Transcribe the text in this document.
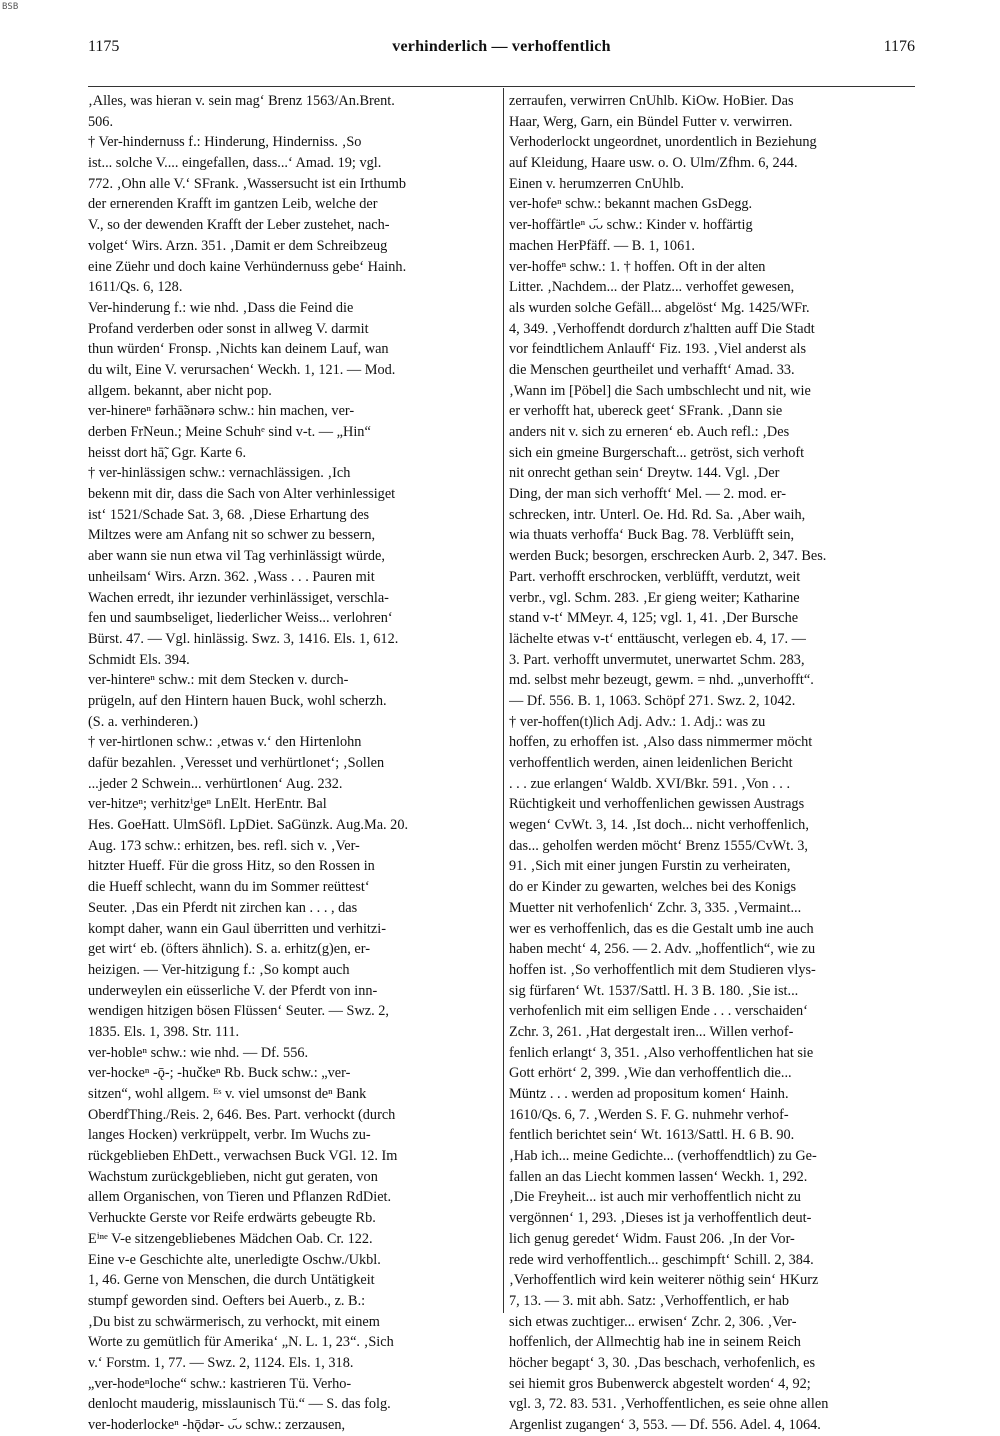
BSB
1175	verhinderlich — verhoffentlich	1176
‚Alles, was hieran v. sein mag‘ Brenz 1563/An.Brent.
506.
† Ver-hindernuss f.: Hinderung, Hinderniss. ‚So
ist... solche V.... eingefallen, dass...‘ Amad. 19; vgl.
772. ‚Ohn alle V.‘ SFrank. ‚Wassersucht ist ein Irthumb
der ernerenden Krafft im gantzen Leib, welche der
V., so der dewenden Krafft der Leber zustehet, nach-
volget‘ Wirs. Arzn. 351. ‚Damit er dem Schreibzeug
eine Züehr und doch kaine Verhündernuss gebe‘ Hainh.
1611/Qs. 6, 128.
Ver-hinderung f.: wie nhd. ‚Dass die Feind die
Profand verderben oder sonst in allweg V. darmit
thun würden‘ Fronsp. ‚Nichts kan deinem Lauf, wan
du wilt, Eine V. verursachen‘ Weckh. 1, 121. — Mod.
allgem. bekannt, aber nicht pop.
ver-hinereⁿ fərhā̃ənərə schw.: hin machen, ver-
derben FrNeun.; Meine Schuhᵉ sind v-t. — „Hin“
heisst dort hā̃, Ggr. Karte 6.
† ver-hinlässigen schw.: vernachlässigen. ‚Ich
bekenn mit dir, dass die Sach von Alter verhinlessiget
ist‘ 1521/Schade Sat. 3, 68. ‚Diese Erhartung des
Miltzes were am Anfang nit so schwer zu bessern,
aber wann sie nun etwa vil Tag verhinlässigt würde,
unheilsam‘ Wirs. Arzn. 362. ‚Wass . . . Pauren mit
Wachen erredt, ihr iezunder verhinlässiget, verschla-
fen und saumbseliget, liederlicher Weiss... verlohren‘
Bürst. 47. — Vgl. hinlässig. Swz. 3, 1416. Els. 1, 612.
Schmidt Els. 394.
ver-hintereⁿ schw.: mit dem Stecken v. durch-
prügeln, auf den Hintern hauen Buck, wohl scherzh.
(S. a. verhinderen.)
† ver-hirtlonen schw.: ‚etwas v.‘ den Hirtenlohn
dafür bezahlen. ‚Veresset und verhürtlonet‘; ‚Sollen
...jeder 2 Schwein... verhürtlonen‘ Aug. 232.
ver-hitzeⁿ; verhitzⁱgeⁿ LnElt. HerEntr. Bal
Hes. GoeHatt. UlmSöfl. LpDiet. SaGünzk. Aug.Ma. 20.
Aug. 173 schw.: erhitzen, bes. refl. sich v. ‚Ver-
hitzter Hueff. Für die gross Hitz, so den Rossen in
die Hueff schlecht, wann du im Sommer reüttest‘
Seuter. ‚Das ein Pferdt nit zirchen kan . . . , das
kompt daher, wann ein Gaul überritten und verhitzi-
get wirt‘ eb. (öfters ähnlich). S. a. erhitz(g)en, er-
heizigen. — Ver-hitzigung f.: ‚So kompt auch
underweylen ein eüsserliche V. der Pferdt von inn-
wendigen hitzigen bösen Flüssen‘ Seuter. — Swz. 2,
1835. Els. 1, 398. Str. 111.
ver-hobleⁿ schw.: wie nhd. — Df. 556.
ver-hockeⁿ -ǭ-; -hučkeⁿ Rb. Buck schw.: „ver-
sitzen“, wohl allgem. ᴱˢ v. viel umsonst deⁿ Bank
OberdfThing./Reis. 2, 646. Bes. Part. verhockt (durch
langes Hocken) verkrüppelt, verbr. Im Wuchs zu-
rückgeblieben EhDett., verwachsen Buck VGl. 12. Im
Wachstum zurückgeblieben, nicht gut geraten, von
allem Organischen, von Tieren und Pflanzen RdDiet.
Verhuckte Gerste vor Reife erdwärts gebeugte Rb.
Eⁱⁿᵉ V-e sitzengebliebenes Mädchen Oab. Cr. 122.
Eine v-e Geschichte alte, unerledigte Oschw./Ukbl.
1, 46. Gerne von Menschen, die durch Untätigkeit
stumpf geworden sind. Oefters bei Auerb., z. B.:
‚Du bist zu schwärmerisch, zu verhockt, mit einem
Worte zu gemütlich für Amerika‘ „N. L. 1, 23“. ‚Sich
v.‘ Forstm. 1, 77. — Swz. 2, 1124. Els. 1, 318.
„ver-hodeⁿloche“ schw.: kastrieren Tü. Verho-
denlocht mauderig, misslaunisch Tü.“ — S. das folg.
ver-hoderlockeⁿ -hǭdər- ᴗ᷄ᴗ schw.: zerzausen,
zerraufen, verwirren CnUhlb. KiOw. HoBier. Das
Haar, Werg, Garn, ein Bündel Futter v. verwirren.
Verhoderlockt ungeordnet, unordentlich in Beziehung
auf Kleidung, Haare usw. o. O. Ulm/Zfhm. 6, 244.
Einen v. herumzerren CnUhlb.
ver-hofeⁿ schw.: bekannt machen GsDegg.
ver-hoffärtleⁿ ᴗ᷄ᴗ schw.: Kinder v. hoffärtig
machen HerPfäff. — B. 1, 1061.
ver-hoffeⁿ schw.: 1. † hoffen. Oft in der alten
Litter. ‚Nachdem... der Platz... verhoffet gewesen,
als wurden solche Gefäll... abgelöst‘ Mg. 1425/WFr.
4, 349. ‚Verhoffendt dordurch z'haltten auff Die Stadt
vor feindtlichem Anlauff‘ Fiz. 193. ‚Viel anderst als
die Menschen geurtheilet und verhafft‘ Amad. 33.
‚Wann im [Pöbel] die Sach umbschlecht und nit, wie
er verhofft hat, ubereck geet‘ SFrank. ‚Dann sie
anders nit v. sich zu erneren‘ eb. Auch refl.: ‚Des
sich ein gmeine Burgerschaft... getröst, sich verhoft
nit onrecht gethan sein‘ Dreytw. 144. Vgl. ‚Der
Ding, der man sich verhofft‘ Mel. — 2. mod. er-
schrecken, intr. Unterl. Oe. Hd. Rd. Sa. ‚Aber waih,
wia thuats verhoffa‘ Buck Bag. 78. Verblüfft sein,
werden Buck; besorgen, erschrecken Aurb. 2, 347. Bes.
Part. verhofft erschrocken, verblüfft, verdutzt, weit
verbr., vgl. Schm. 283. ‚Er gieng weiter; Katharine
stand v-t‘ MMeyr. 4, 125; vgl. 1, 41. ‚Der Bursche
lächelte etwas v-t‘ enttäuscht, verlegen eb. 4, 17. —
3. Part. verhofft unvermutet, unerwartet Schm. 283,
md. selbst mehr bezeugt, gewm. = nhd. „unverhofft“.
— Df. 556. B. 1, 1063. Schöpf 271. Swz. 2, 1042.
† ver-hoffen(t)lich Adj. Adv.: 1. Adj.: was zu
hoffen, zu erhoffen ist. ‚Also dass nimmermer möcht
verhoffentlich werden, ainen leidenlichen Bericht
. . . zue erlangen‘ Waldb. XVI/Bkr. 591. ‚Von . . .
Rüchtigkeit und verhoffenlichen gewissen Austrags
wegen‘ CvWt. 3, 14. ‚Ist doch... nicht verhoffenlich,
das... geholfen werden möcht‘ Brenz 1555/CvWt. 3,
91. ‚Sich mit einer jungen Furstin zu verheiraten,
do er Kinder zu gewarten, welches bei des Konigs
Muetter nit verhofenlich‘ Zchr. 3, 335. ‚Vermaint...
wer es verhoffenlich, das es die Gestalt umb ine auch
haben mecht‘ 4, 256. — 2. Adv. „hoffentlich“, wie zu
hoffen ist. ‚So verhoffentlich mit dem Studieren vlys-
sig fürfaren‘ Wt. 1537/Sattl. H. 3 B. 180. ‚Sie ist...
verhofenlich mit eim selligen Ende . . . verschaiden‘
Zchr. 3, 261. ‚Hat dergestalt iren... Willen verhof-
fenlich erlangt‘ 3, 351. ‚Also verhoffentlichen hat sie
Gott erhört‘ 2, 399. ‚Wie dan verhoffentlich die...
Müntz . . . werden ad propositum komen‘ Hainh.
1610/Qs. 6, 7. ‚Werden S. F. G. nuhmehr verhof-
fentlich berichtet sein‘ Wt. 1613/Sattl. H. 6 B. 90.
‚Hab ich... meine Gedichte... (verhoffendtlich) zu Ge-
fallen an das Liecht kommen lassen‘ Weckh. 1, 292.
‚Die Freyheit... ist auch mir verhoffentlich nicht zu
vergönnen‘ 1, 293. ‚Dieses ist ja verhoffentlich deut-
lich genug geredet‘ Widm. Faust 206. ‚In der Vor-
rede wird verhoffentlich... geschimpft‘ Schill. 2, 384.
‚Verhoffentlich wird kein weiterer nöthig sein‘ HKurz
7, 13. — 3. mit abh. Satz: ‚Verhoffentlich, er hab
sich etwas zuchtiger... erwisen‘ Zchr. 2, 306. ‚Ver-
hoffenlich, der Allmechtig hab ine in seinem Reich
höcher begapt‘ 3, 30. ‚Das beschach, verhofenlich, es
sei hiemit gros Bubenwerck abgestelt worden‘ 4, 92;
vgl. 3, 72. 83. 531. ‚Verhoffentlichen, es seie ohne allen
Argenlist zugangen‘ 3, 553. — Df. 556. Adel. 4, 1064.
